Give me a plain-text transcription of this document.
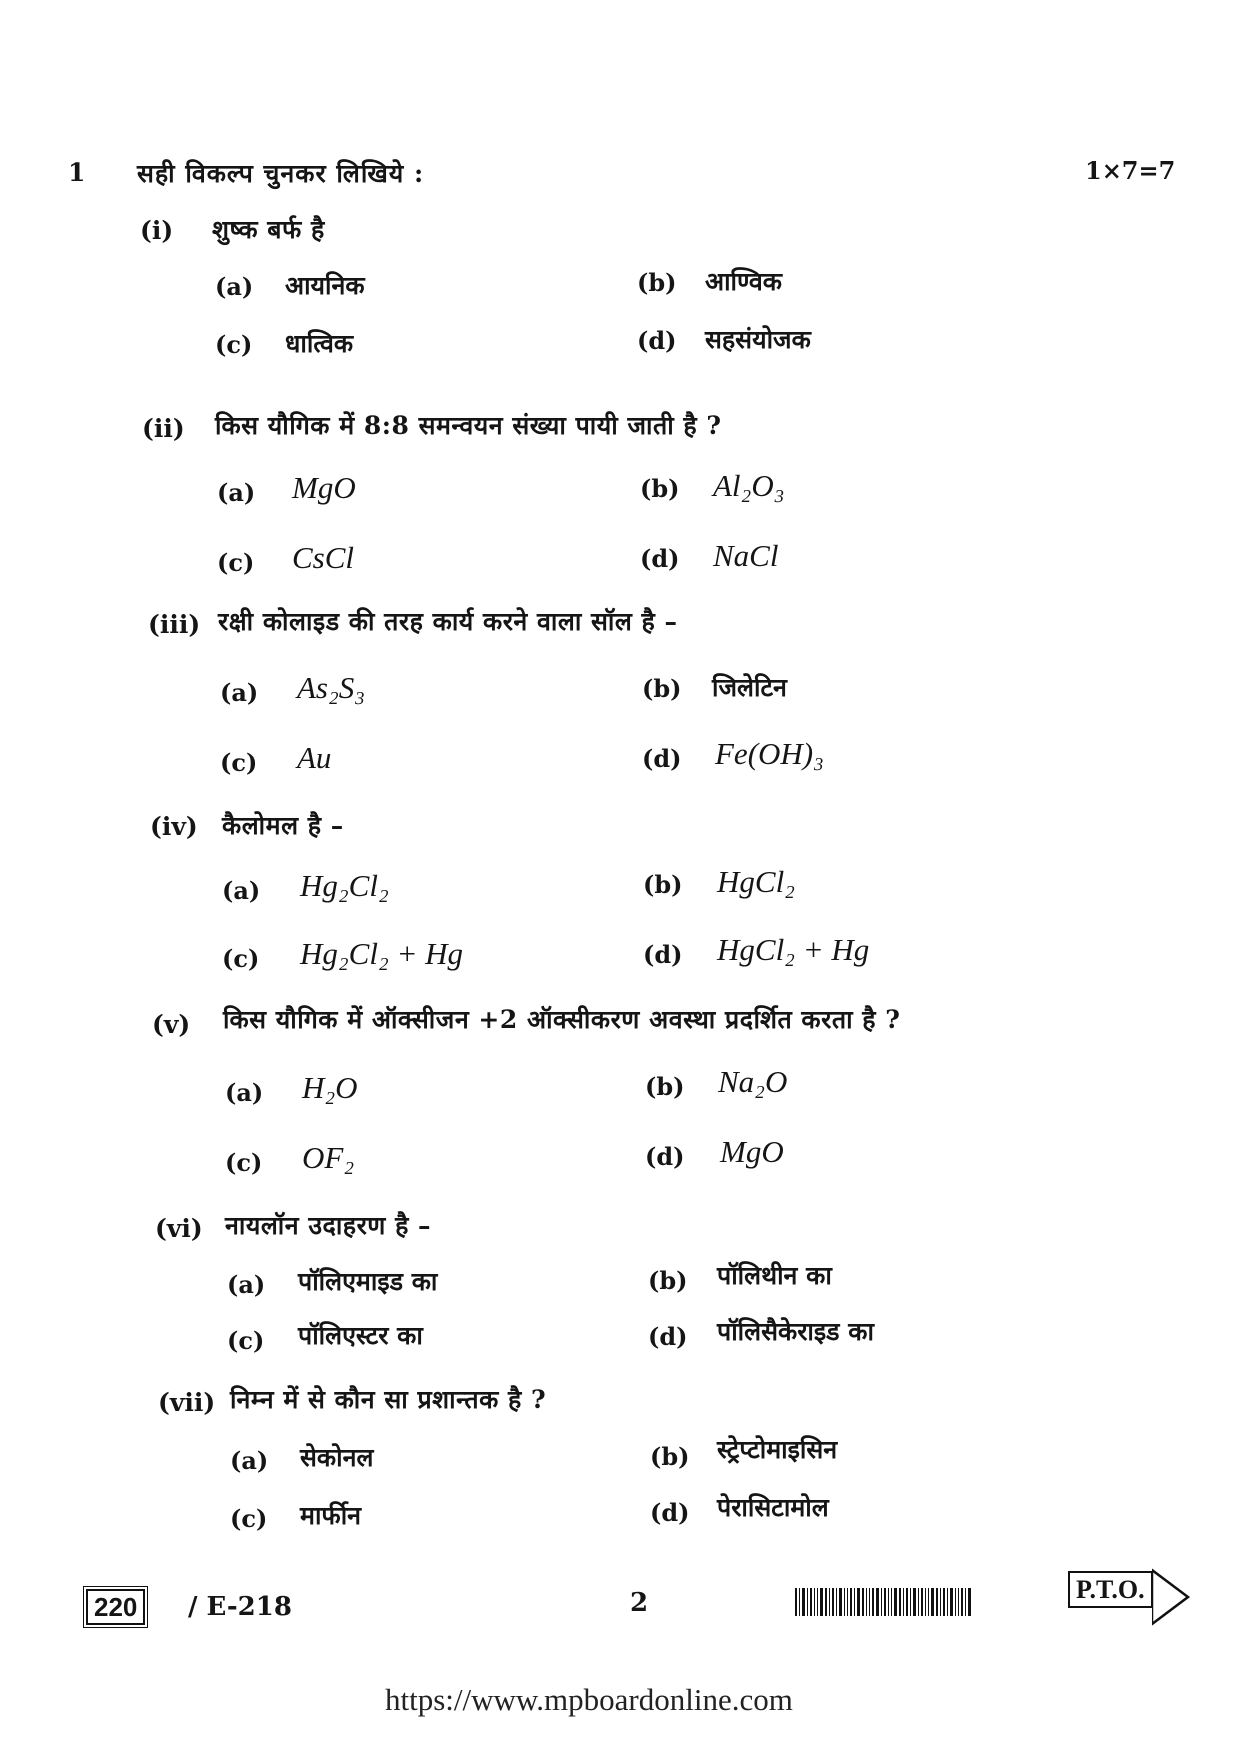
1 सही विकल्प चुनकर लिखिये :	1×7=7
(i) शुष्क बर्फ है
(a) आयनिक	(b) आण्विक
(c) धात्विक	(d) सहसंयोजक
(ii) किस यौगिक में 8:8 समन्वयन संख्या पायी जाती है ?
(a) MgO	(b) Al₂O₃
(c) CsCl	(d) NaCl
(iii) रक्षी कोलाइड की तरह कार्य करने वाला सॉल है –
(a) As₂S₃	(b) जिलेटिन
(c) Au	(d) Fe(OH)₃
(iv) कैलोमल है –
(a) Hg₂Cl₂	(b) HgCl₂
(c) Hg₂Cl₂ + Hg	(d) HgCl₂ + Hg
(v) किस यौगिक में ऑक्सीजन +2 ऑक्सीकरण अवस्था प्रदर्शित करता है ?
(a) H₂O	(b) Na₂O
(c) OF₂	(d) MgO
(vi) नायलॉन उदाहरण है –
(a) पॉलिएमाइड का	(b) पॉलिथीन का
(c) पॉलिएस्टर का	(d) पॉलिसैकेराइड का
(vii) निम्न में से कौन सा प्रशान्तक है ?
(a) सेकोनल	(b) स्ट्रेप्टोमाइसिन
(c) मार्फीन	(d) पेरासिटामोल
220	/ E-218	2	P.T.O.
https://www.mpboardonline.com
